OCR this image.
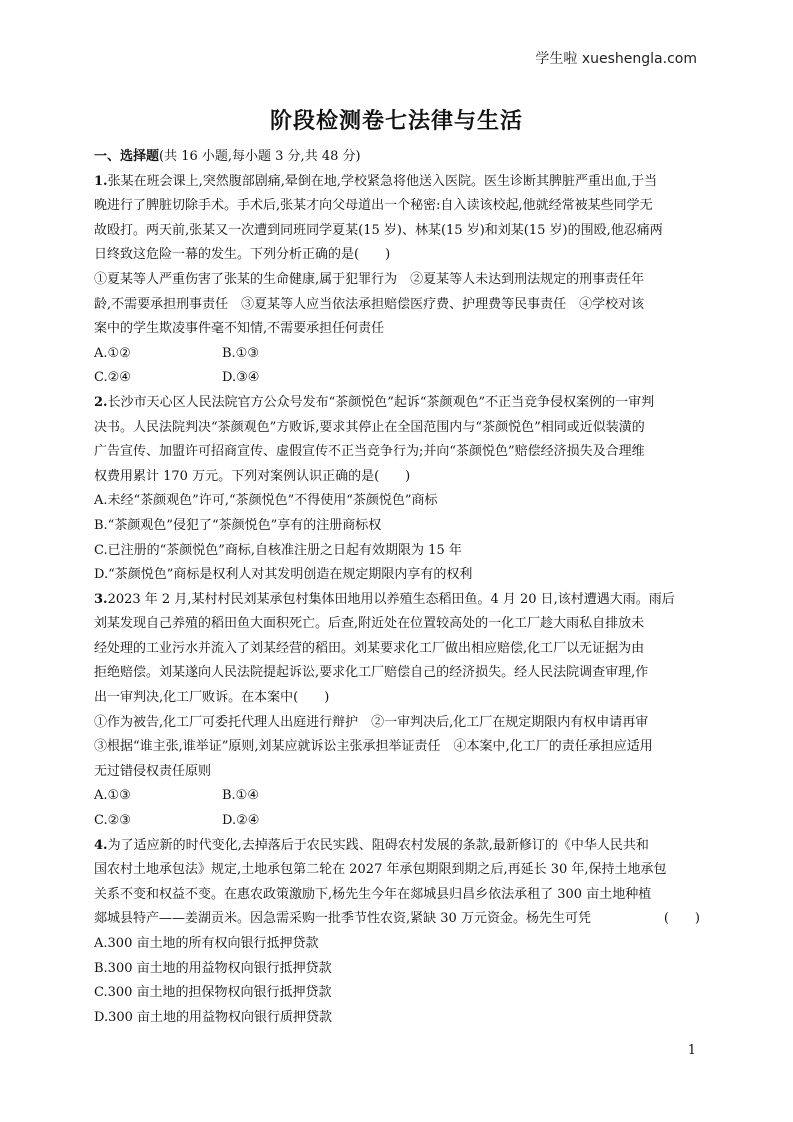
学生啦 xueshengla.com
阶段检测卷七法律与生活

一、选择题(共 16 小题,每小题 3 分,共 48 分)

1.张某在班会课上,突然腹部剧痛,晕倒在地,学校紧急将他送入医院。医生诊断其脾脏严重出血,于当

晚进行了脾脏切除手术。手术后,张某才向父母道出一个秘密:自入读该校起,他就经常被某些同学无

故殴打。两天前,张某又一次遭到同班同学夏某(15 岁)、林某(15 岁)和刘某(15 岁)的围殴,他忍痛两

日终致这危险一幕的发生。下列分析正确的是(　　)

①夏某等人严重伤害了张某的生命健康,属于犯罪行为　②夏某等人未达到刑法规定的刑事责任年

龄,不需要承担刑事责任　③夏某等人应当依法承担赔偿医疗费、护理费等民事责任　④学校对该

案中的学生欺凌事件毫不知情,不需要承担任何责任

A.①②	B.①③
C.②④	D.③④

2.长沙市天心区人民法院官方公众号发布“茶颜悦色”起诉“茶颜观色”不正当竞争侵权案例的一审判

决书。人民法院判决“茶颜观色”方败诉,要求其停止在全国范围内与“茶颜悦色”相同或近似装潢的

广告宣传、加盟许可招商宣传、虚假宣传不正当竞争行为;并向“茶颜悦色”赔偿经济损失及合理维

权费用累计 170 万元。下列对案例认识正确的是(　　)

A.未经“茶颜观色”许可,“茶颜悦色”不得使用“茶颜悦色”商标

B.“茶颜观色”侵犯了“茶颜悦色”享有的注册商标权

C.已注册的“茶颜悦色”商标,自核准注册之日起有效期限为 15 年

D.“茶颜悦色”商标是权利人对其发明创造在规定期限内享有的权利

3.2023 年 2 月,某村村民刘某承包村集体田地用以养殖生态稻田鱼。4 月 20 日,该村遭遇大雨。雨后

刘某发现自己养殖的稻田鱼大面积死亡。后查,附近处在位置较高处的一化工厂趁大雨私自排放未

经处理的工业污水并流入了刘某经营的稻田。刘某要求化工厂做出相应赔偿,化工厂以无证据为由

拒绝赔偿。刘某遂向人民法院提起诉讼,要求化工厂赔偿自己的经济损失。经人民法院调查审理,作

出一审判决,化工厂败诉。在本案中(　　)

①作为被告,化工厂可委托代理人出庭进行辩护　②一审判决后,化工厂在规定期限内有权申请再审

③根据“谁主张,谁举证”原则,刘某应就诉讼主张承担举证责任　④本案中,化工厂的责任承担应适用

无过错侵权责任原则

A.①③	B.①④
C.②③	D.②④

4.为了适应新的时代变化,去掉落后于农民实践、阻碍农村发展的条款,最新修订的《中华人民共和

国农村土地承包法》规定,土地承包第二轮在 2027 年承包期限到期之后,再延长 30 年,保持土地承包

关系不变和权益不变。在惠农政策激励下,杨先生今年在郯城县归昌乡依法承租了 300 亩土地种植

郯城县特产——姜湖贡米。因急需采购一批季节性农资,紧缺 30 万元资金。杨先生可凭	(　　)

A.300 亩土地的所有权向银行抵押贷款

B.300 亩土地的用益物权向银行抵押贷款

C.300 亩土地的担保物权向银行抵押贷款

D.300 亩土地的用益物权向银行质押贷款

1
